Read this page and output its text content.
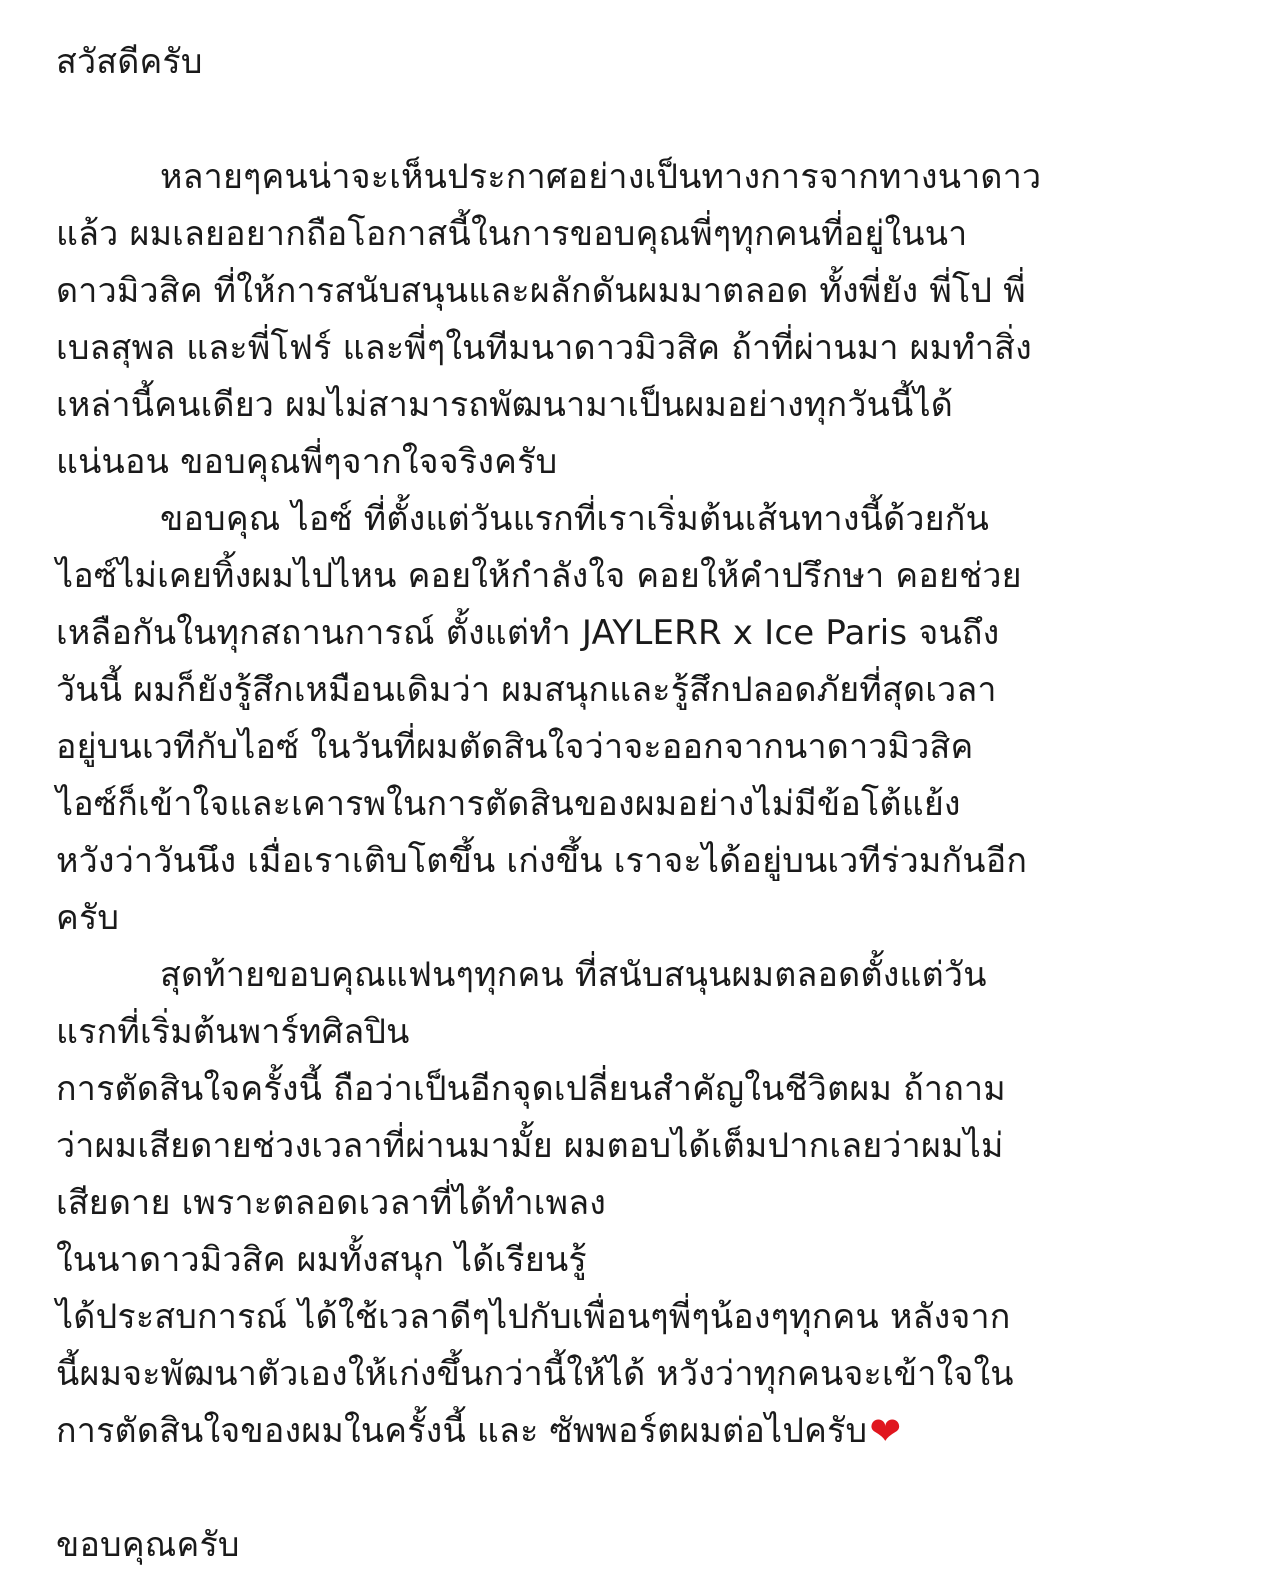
สวัสดีครับ
หลายๆคนน่าจะเห็นประกาศอย่างเป็นทางการจากทางนาดาว
แล้ว ผมเลยอยากถือโอกาสนี้ในการขอบคุณพี่ๆทุกคนที่อยู่ในนา
ดาวมิวสิค ที่ให้การสนับสนุนและผลักดันผมมาตลอด ทั้งพี่ยัง พี่โป พี่
เบลสุพล และพี่โฟร์ และพี่ๆในทีมนาดาวมิวสิค ถ้าที่ผ่านมา ผมทำสิ่ง
เหล่านี้คนเดียว ผมไม่สามารถพัฒนามาเป็นผมอย่างทุกวันนี้ได้
แน่นอน ขอบคุณพี่ๆจากใจจริงครับ
ขอบคุณ ไอซ์ ที่ตั้งแต่วันแรกที่เราเริ่มต้นเส้นทางนี้ด้วยกัน
ไอซ์ไม่เคยทิ้งผมไปไหน คอยให้กำลังใจ คอยให้คำปรึกษา คอยช่วย
เหลือกันในทุกสถานการณ์ ตั้งแต่ทำ JAYLERR x Ice Paris จนถึง
วันนี้ ผมก็ยังรู้สึกเหมือนเดิมว่า ผมสนุกและรู้สึกปลอดภัยที่สุดเวลา
อยู่บนเวทีกับไอซ์ ในวันที่ผมตัดสินใจว่าจะออกจากนาดาวมิวสิค
ไอซ์ก็เข้าใจและเคารพในการตัดสินของผมอย่างไม่มีข้อโต้แย้ง
หวังว่าวันนึง เมื่อเราเติบโตขึ้น เก่งขึ้น เราจะได้อยู่บนเวทีร่วมกันอีก
ครับ
สุดท้ายขอบคุณแฟนๆทุกคน ที่สนับสนุนผมตลอดตั้งแต่วัน
แรกที่เริ่มต้นพาร์ทศิลปิน
การตัดสินใจครั้งนี้ ถือว่าเป็นอีกจุดเปลี่ยนสำคัญในชีวิตผม ถ้าถาม
ว่าผมเสียดายช่วงเวลาที่ผ่านมามั้ย ผมตอบได้เต็มปากเลยว่าผมไม่
เสียดาย เพราะตลอดเวลาที่ได้ทำเพลง
ในนาดาวมิวสิค ผมทั้งสนุก ได้เรียนรู้
ได้ประสบการณ์ ได้ใช้เวลาดีๆไปกับเพื่อนๆพี่ๆน้องๆทุกคน หลังจาก
นี้ผมจะพัฒนาตัวเองให้เก่งขึ้นกว่านี้ให้ได้ หวังว่าทุกคนจะเข้าใจใน
การตัดสินใจของผมในครั้งนี้ และ ซัพพอร์ตผมต่อไปครับ❤
ขอบคุณครับ
